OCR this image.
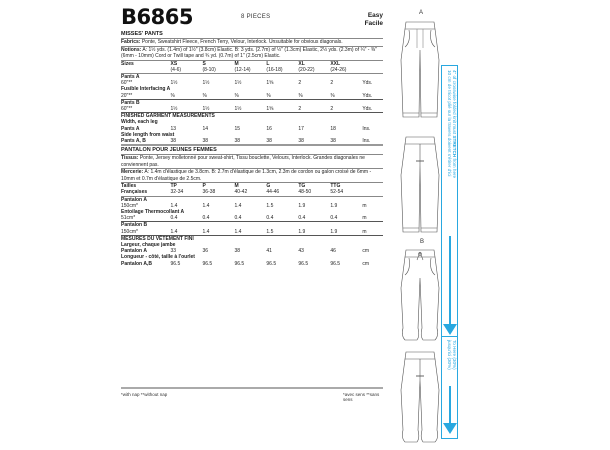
B6865	8 PIECES	Easy
Facile
MISSES' PANTS
Fabrics: Ponte, Sweatshirt Fleece, French Terry, Velour, Interlock. Unsuitable for obvious diagonals.
Notions: A: 1½ yds. (1.4m) of 1½" (3.8cm) Elastic. B: 3 yds. (2.7m) of ½" (1.3cm) Elastic, 2½ yds. (2.3m) of ¼" - ⅜" (6mm - 10mm) Cord or Twill tape and ¾ yd. (0.7m) of 1" (2.5cm) Elastic.
Sizes	XS	S	M	L	XL	XXL	
	(4-6)	(8-10)	(12-14)	(16-18)	(20-22)	(24-26)	
Pants A							
60"**	1½	1½	1½	1⅝	2	2	Yds.
Fusible Interfacing A							
20"**	⅜	⅜	⅜	⅜	⅜	⅜	Yds.
Pants B							
60"**	1½	1½	1½	1⅝	2	2	Yds.
FINISHED GARMENT MEASUREMENTS							
Width, each leg							
Pants A	13	14	15	16	17	18	Ins.
Side length from waist							
Pants A, B	38	38	38	38	38	38	Ins.
PANTALON POUR JEUNES FEMMES
Tissus: Ponte, Jersey molletonné pour sweat-shirt, Tissu bouclette, Velours, Interlock. Grandes diagonales ne conviennent pas.
Mercerie: A: 1.4m d'élastique de 3.8cm. B: 2.7m d'élastique de 1.3cm, 2.3m de cordon ou galon croisé de 6mm - 10mm et 0.7m d'élastique de 2.5cm.
Tailles	TP	P	M	G	TG	TTG	
Françaises	32-34	36-38	40-42	44-46	48-50	52-54	
Pantalon A							
150cm*	1.4	1.4	1.4	1.5	1.9	1.9	m
Entoilage Thermocollant A							
51cm*	0.4	0.4	0.4	0.4	0.4	0.4	m
Pantalon B							
150cm*	1.4	1.4	1.4	1.5	1.9	1.9	m
MESURES DU VÊTEMENT FINI							
Largeur, chaque jambe							
Pantalon A	33	36	38	41	43	46	cm
Longueur - côté, taille à l'ourlet							
Pantalon A,B	96.5	96.5	96.5	96.5	96.5	96.5	cm
*with nap **without nap	*avec sens **sans sens
A
B
4" of crosswise folded knit must STRETCH from here
10 cm de tricot plié sur la travers doivent s'étirer d'ici
To Here (30%)
jusqu'ici (30%)
